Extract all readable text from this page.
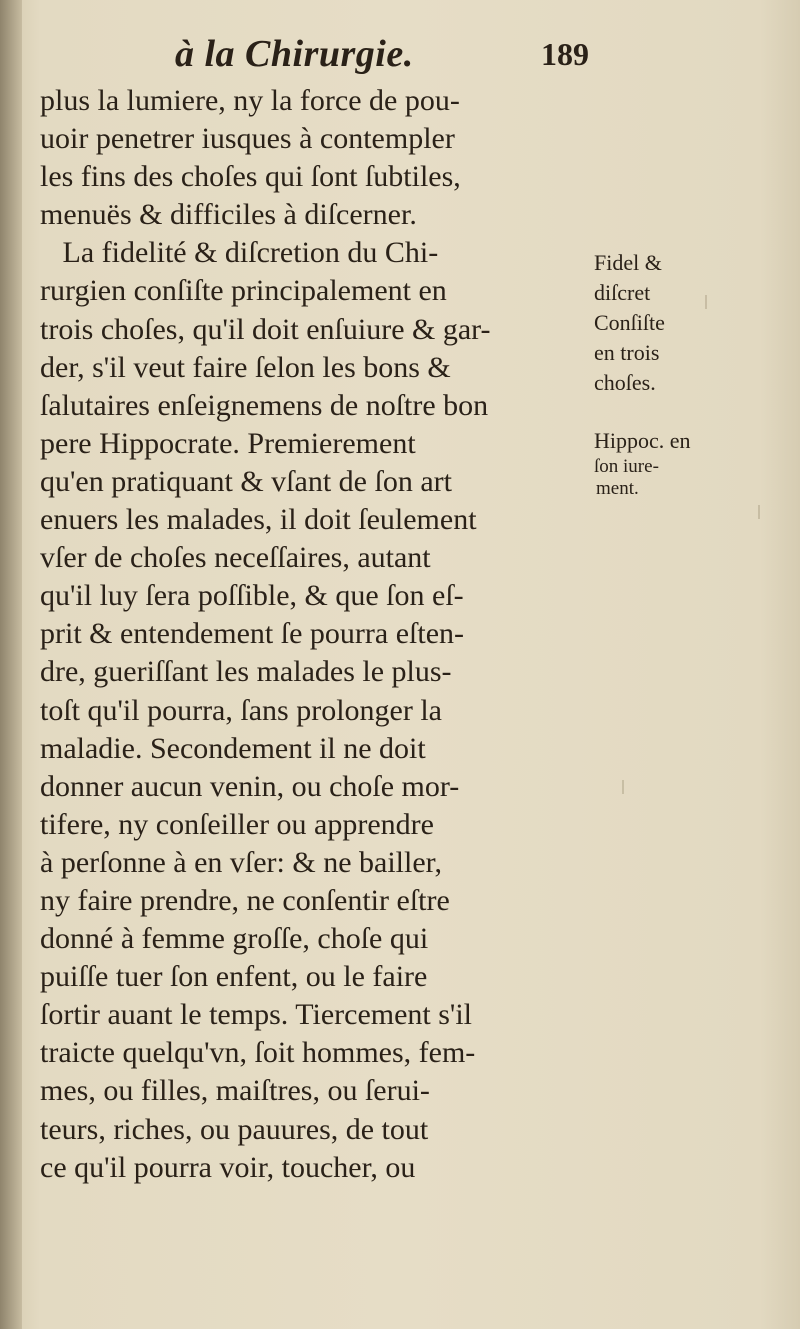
à la Chirurgie.	189
plus la lumiere, ny la force de pou-
uoir penetrer iusques à contempler
les fins des choſes qui ſont ſubtiles,
menuës & difficiles à diſcerner.
La fidelité & diſcretion du Chi-
rurgien conſiſte principalement en
trois choſes, qu'il doit enſuiure & gar-
der, s'il veut faire ſelon les bons &
ſalutaires enſeignemens de noſtre bon
pere Hippocrate. Premierement
qu'en pratiquant & vſant de ſon art
enuers les malades, il doit ſeulement
vſer de choſes neceſſaires, autant
qu'il luy ſera poſſible, & que ſon eſ-
prit & entendement ſe pourra eſten-
dre, gueriſſant les malades le plus-
toſt qu'il pourra, ſans prolonger la
maladie. Secondement il ne doit
donner aucun venin, ou choſe mor-
tifere, ny conſeiller ou apprendre
à perſonne à en vſer: & ne bailler,
ny faire prendre, ne conſentir eſtre
donné à femme groſſe, choſe qui
puiſſe tuer ſon enfent, ou le faire
ſortir auant le temps. Tiercement s'il
traicte quelqu'vn, ſoit hommes, fem-
mes, ou filles, maiſtres, ou ſerui-
teurs, riches, ou pauures, de tout
ce qu'il pourra voir, toucher, ou
Fidel &
diſcret
Conſiſte
en trois
choſes.
Hippoc. en
ſon iure-
ment.
